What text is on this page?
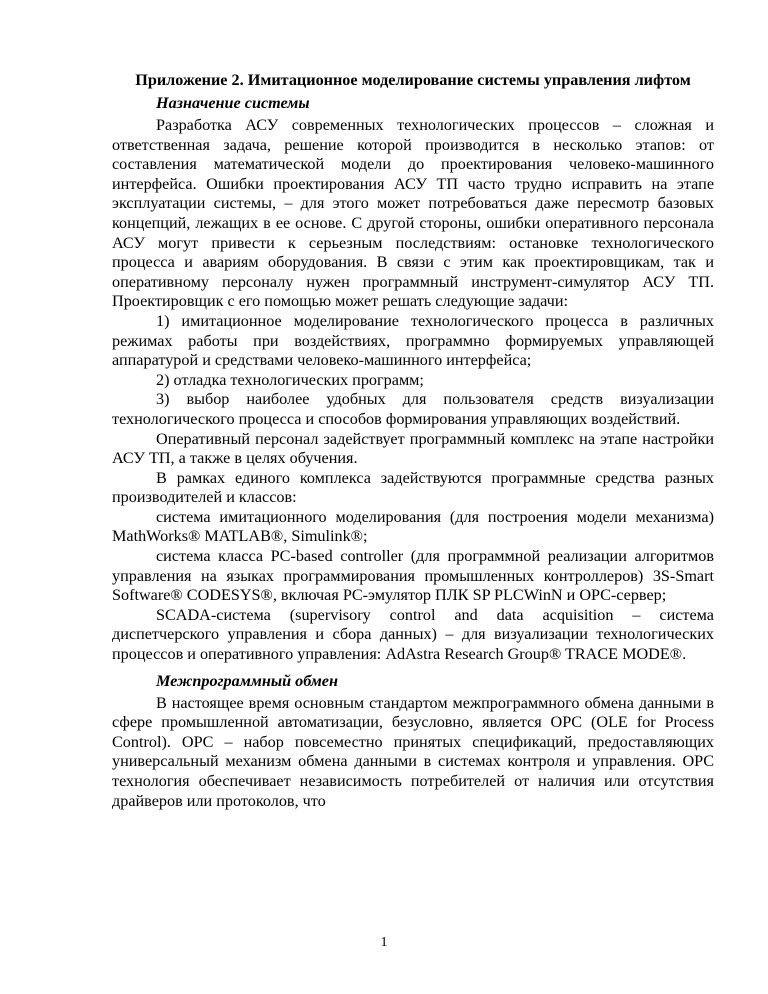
Приложение 2. Имитационное моделирование системы управления лифтом
Назначение системы

Разработка АСУ современных технологических процессов – сложная и ответственная задача, решение которой производится в несколько этапов: от составления математической модели до проектирования человеко-машинного интерфейса. Ошибки проектирования АСУ ТП часто трудно исправить на этапе эксплуатации системы, – для этого может потребоваться даже пересмотр базовых концепций, лежащих в ее основе. С другой стороны, ошибки оперативного персонала АСУ могут привести к серьезным последствиям: остановке технологического процесса и авариям оборудования. В связи с этим как проектировщикам, так и оперативному персоналу нужен программный инструмент-симулятор АСУ ТП. Проектировщик с его помощью может решать следующие задачи:

1) имитационное моделирование технологического процесса в различных режимах работы при воздействиях, программно формируемых управляющей аппаратурой и средствами человеко-машинного интерфейса;

2) отладка технологических программ;

3) выбор наиболее удобных для пользователя средств визуализации технологического процесса и способов формирования управляющих воздействий.

Оперативный персонал задействует программный комплекс на этапе настройки АСУ ТП, а также в целях обучения.

В рамках единого комплекса задействуются программные средства разных производителей и классов:

система имитационного моделирования (для построения модели механизма) MathWorks® MATLAB®, Simulink®;

система класса PC-based controller (для программной реализации алгоритмов управления на языках программирования промышленных контроллеров) 3S-Smart Software® CODESYS®, включая PC-эмулятор ПЛК SP PLCWinN и OPC-сервер;

SCADA-система (supervisory control and data acquisition – система диспетчерского управления и сбора данных) – для визуализации технологических процессов и оперативного управления: AdAstra Research Group® TRACE MODE®.

Межпрограммный обмен

В настоящее время основным стандартом межпрограммного обмена данными в сфере промышленной автоматизации, безусловно, является OPC (OLE for Process Control). OPC – набор повсеместно принятых спецификаций, предоставляющих универсальный механизм обмена данными в системах контроля и управления. OPC технология обеспечивает независимость потребителей от наличия или отсутствия драйверов или протоколов, что

1
